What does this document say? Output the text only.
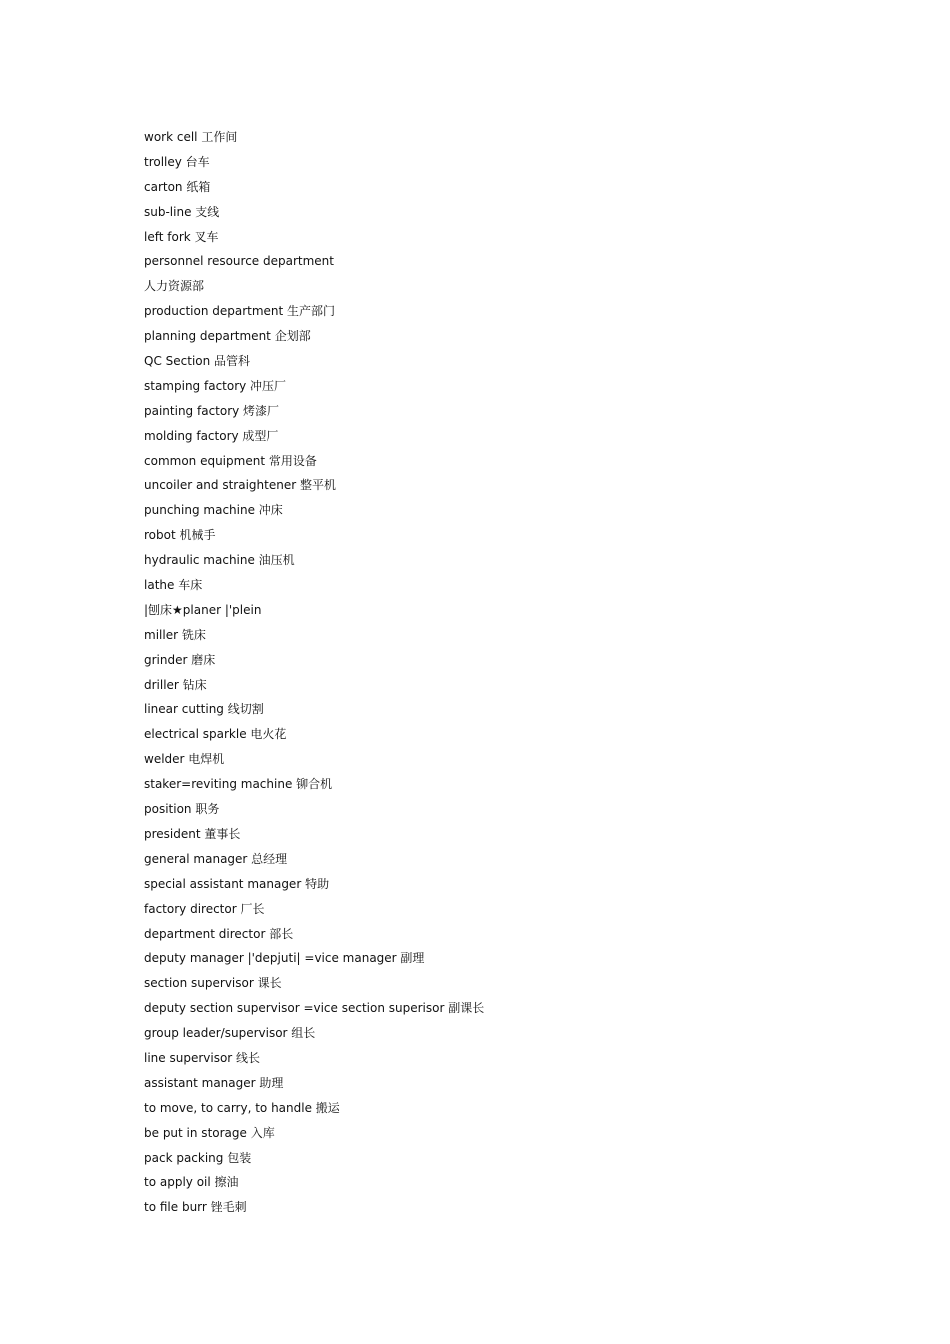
work cell 工作间
trolley 台车
carton 纸箱
sub-line 支线
left fork 叉车
personnel resource department
人力资源部
production department 生产部门
planning department 企划部
QC Section 品管科
stamping factory 冲压厂
painting factory 烤漆厂
molding factory 成型厂
common equipment 常用设备
uncoiler and straightener 整平机
punching machine 冲床
robot 机械手
hydraulic machine 油压机
lathe 车床
|刨床★planer |'plein
miller 铣床
grinder 磨床
driller 钻床
linear cutting 线切割
electrical sparkle 电火花
welder 电焊机
staker=reviting machine 铆合机
position 职务
president 董事长
general manager 总经理
special assistant manager 特助
factory director 厂长
department director 部长
deputy manager |'depjuti| =vice manager 副理
section supervisor 课长
deputy section supervisor =vice section superisor 副课长
group leader/supervisor 组长
line supervisor 线长
assistant manager 助理
to move, to carry, to handle 搬运
be put in storage 入库
pack packing 包装
to apply oil 擦油
to file burr 锉毛刺
